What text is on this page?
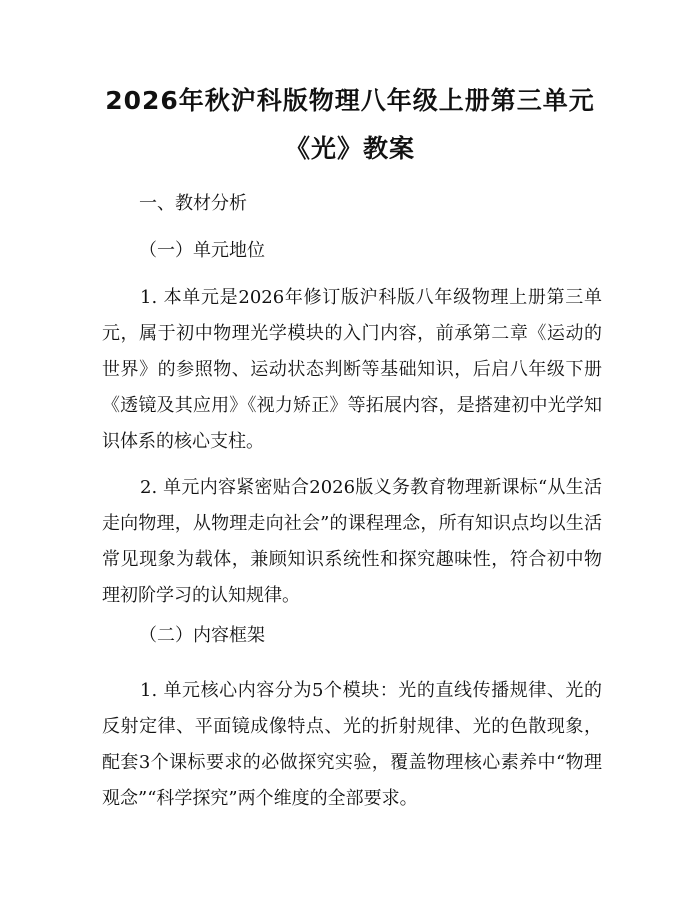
2026年秋沪科版物理八年级上册第三单元
《光》教案
一、教材分析
（一）单元地位
1. 本单元是2026年修订版沪科版八年级物理上册第三单元，属于初中物理光学模块的入门内容，前承第二章《运动的世界》的参照物、运动状态判断等基础知识，后启八年级下册《透镜及其应用》《视力矫正》等拓展内容，是搭建初中光学知识体系的核心支柱。
2. 单元内容紧密贴合2026版义务教育物理新课标“从生活走向物理，从物理走向社会”的课程理念，所有知识点均以生活常见现象为载体，兼顾知识系统性和探究趣味性，符合初中物理初阶学习的认知规律。
（二）内容框架
1. 单元核心内容分为5个模块：光的直线传播规律、光的反射定律、平面镜成像特点、光的折射规律、光的色散现象，配套3个课标要求的必做探究实验，覆盖物理核心素养中“物理观念”“科学探究”两个维度的全部要求。
